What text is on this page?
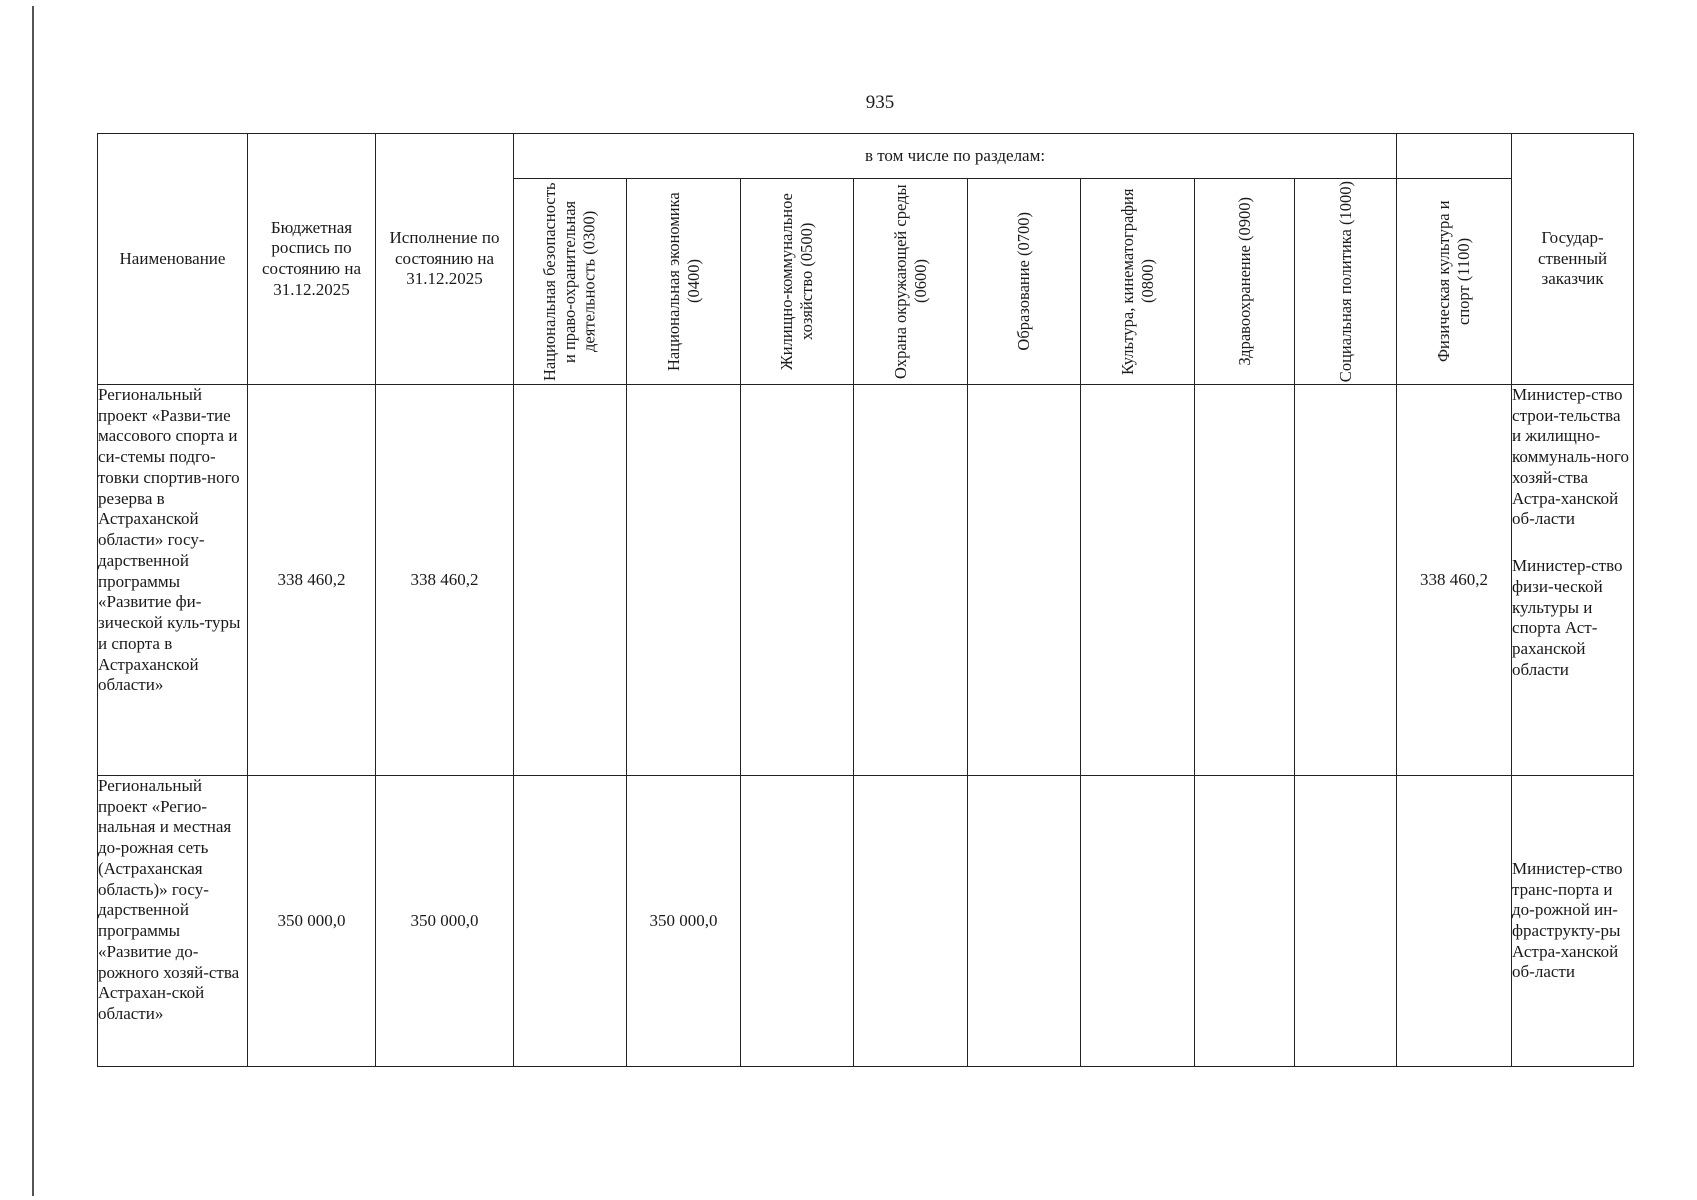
935
Наименование	Бюджетная роспись по состоянию на 31.12.2025	Исполнение по состоянию на 31.12.2025	в том числе по разделам:									Государ-ственный заказчик

			Национальная безопасность и право-охранительная деятельность (0300)	Национальная экономика (0400)	Жилищно-коммунальное хозяйство (0500)	Охрана окружающей среды (0600)	Образование (0700)	Культура, кинематография (0800)	Здравоохранение (0900)	Социальная политика (1000)	Физическая культура и спорт (1100)	

Региональный проект «Разви-тие массового спорта и си-стемы подго-товки спортив-ного резерва в Астраханской области» госу-дарственной программы «Развитие фи-зической куль-туры и спорта в Астраханской области»	338 460,2	338 460,2									338 460,2	Министер-ство строи-тельства и жилищно-коммуналь-ного хозяй-ства Астра-ханской об-ласти
Министер-ство физи-ческой культуры и спорта Аст-раханской области

Региональный проект «Регио-нальная и местная до-рожная сеть (Астраханская область)» госу-дарственной программы «Развитие до-рожного хозяй-ства Астрахан-ской области»	350 000,0	350 000,0		350 000,0								Министер-ство транс-порта и до-рожной ин-фраструкту-ры Астра-ханской об-ласти
